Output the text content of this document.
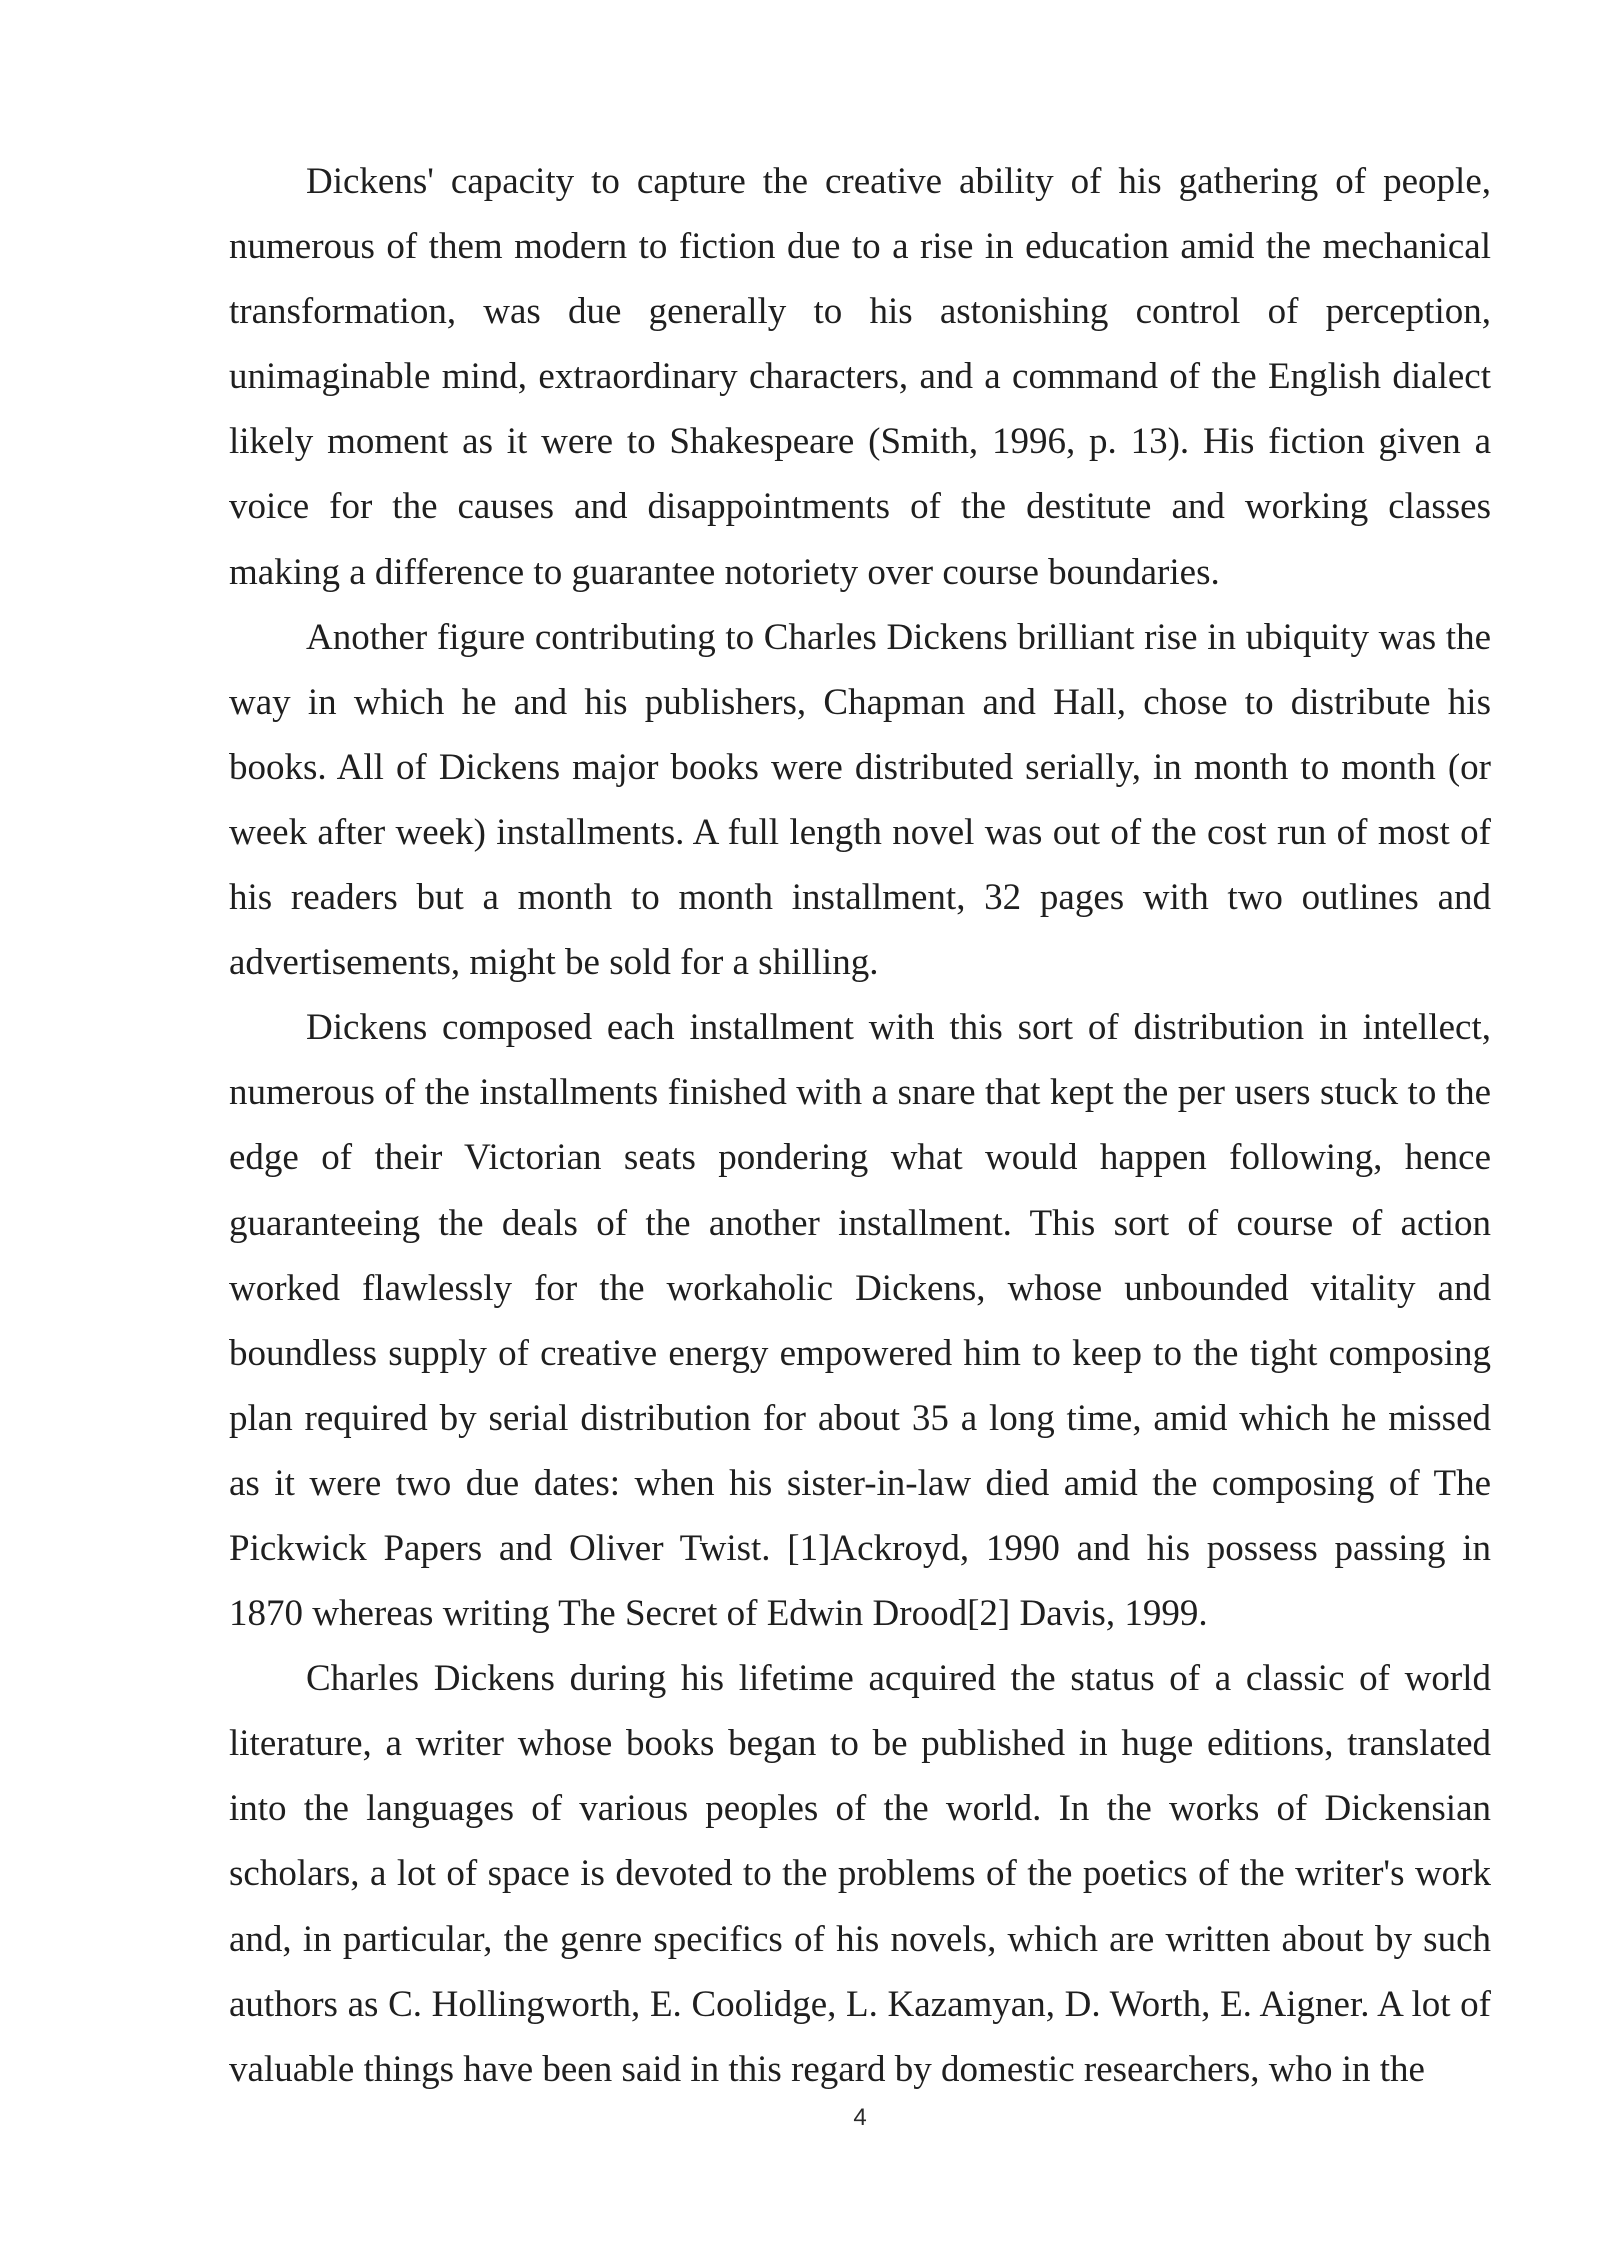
Dickens' capacity to capture the creative ability of his gathering of people, numerous of them modern to fiction due to a rise in education amid the mechanical transformation, was due generally to his astonishing control of perception, unimaginable mind, extraordinary characters, and a command of the English dialect likely moment as it were to Shakespeare (Smith, 1996, p. 13). His fiction given a voice for the causes and disappointments of the destitute and working classes making a difference to guarantee notoriety over course boundaries.

Another figure contributing to Charles Dickens brilliant rise in ubiquity was the way in which he and his publishers, Chapman and Hall, chose to distribute his books. All of Dickens major books were distributed serially, in month to month (or week after week) installments. A full length novel was out of the cost run of most of his readers but a month to month installment, 32 pages with two outlines and advertisements, might be sold for a shilling.

Dickens composed each installment with this sort of distribution in intellect, numerous of the installments finished with a snare that kept the per users stuck to the edge of their Victorian seats pondering what would happen following, hence guaranteeing the deals of the another installment. This sort of course of action worked flawlessly for the workaholic Dickens, whose unbounded vitality and boundless supply of creative energy empowered him to keep to the tight composing plan required by serial distribution for about 35 a long time, amid which he missed as it were two due dates: when his sister-in-law died amid the composing of The Pickwick Papers and Oliver Twist. [1]Ackroyd, 1990 and his possess passing in 1870 whereas writing The Secret of Edwin Drood[2] Davis, 1999.

Charles Dickens during his lifetime acquired the status of a classic of world literature, a writer whose books began to be published in huge editions, translated into the languages of various peoples of the world. In the works of Dickensian scholars, a lot of space is devoted to the problems of the poetics of the writer's work and, in particular, the genre specifics of his novels, which are written about by such authors as C. Hollingworth, E. Coolidge, L. Kazamyan, D. Worth, E. Aigner. A lot of valuable things have been said in this regard by domestic researchers, who in the

4
